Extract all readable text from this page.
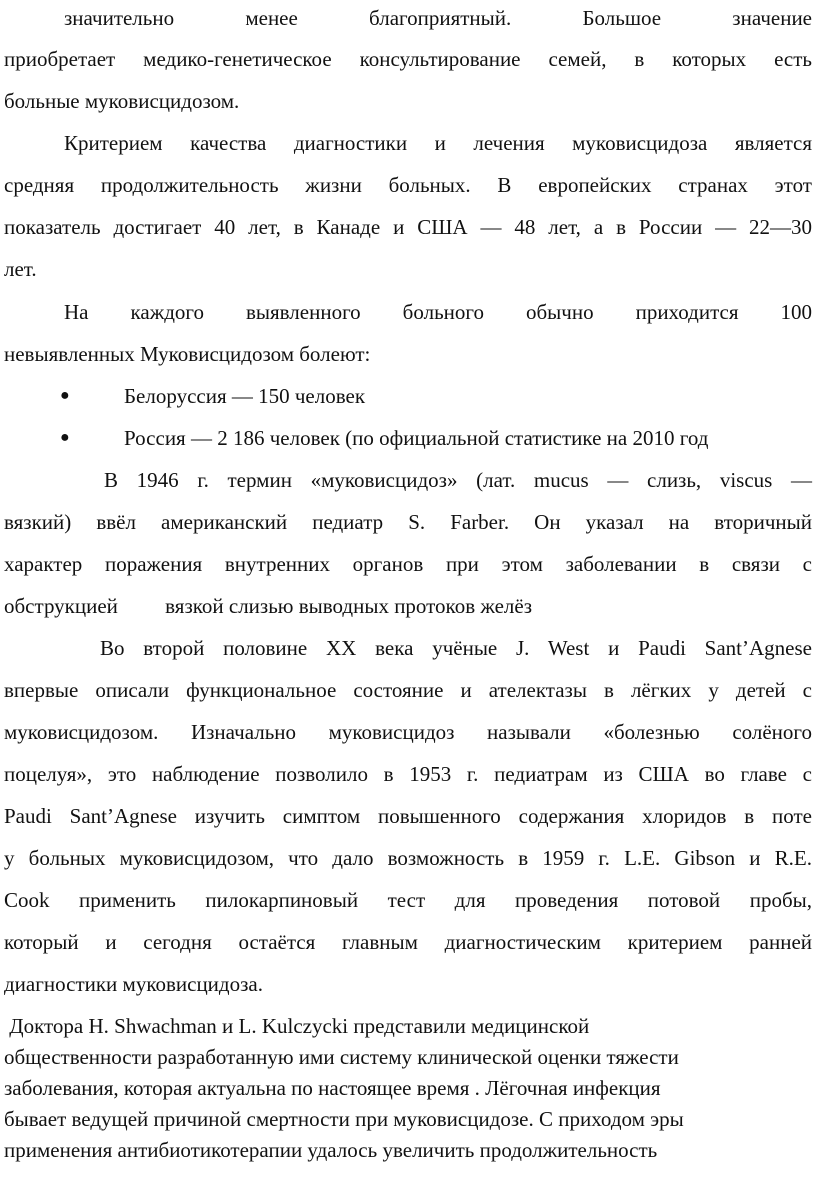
значительно менее благоприятный. Большое значение
приобретает медико-генетическое консультирование семей, в которых есть
больные муковисцидозом.
Критерием качества диагностики и лечения муковисцидоза является
средняя продолжительность жизни больных. В европейских странах этот
показатель достигает 40 лет, в Канаде и США — 48 лет, а в России — 22—30
лет.
На каждого выявленного больного обычно приходится 100
невыявленных Муковисцидозом болеют:
●	Белоруссия — 150 человек
●	Россия — 2 186 человек (по официальной статистике на 2010 год
В 1946 г. термин «муковисцидоз» (лат. mucus — слизь, viscus —
вязкий) ввёл американский педиатр S. Farber. Он указал на вторичный
характер поражения внутренних органов при этом заболевании в связи с
обструкцией         вязкой слизью выводных протоков желёз
Во второй половине XX века учёные J. West и Paudi Sant’Agnese
впервые описали функциональное состояние и ателектазы в лёгких у детей с
муковисцидозом. Изначально муковисцидоз называли «болезнью солёного
поцелуя», это наблюдение позволило в 1953 г. педиатрам из США во главе с
Paudi Sant’Agnese изучить симптом повышенного содержания хлоридов в поте
у больных муковисцидозом, что дало возможность в 1959 г. L.E. Gibson и R.E.
Cook применить пилокарпиновый тест для проведения потовой пробы,
который и сегодня остаётся главным диагностическим критерием ранней
диагностики муковисцидоза.
Доктора H. Shwachman и L. Kulczycki представили медицинской
общественности разработанную ими систему клинической оценки тяжести
заболевания, которая актуальна по настоящее время . Лёгочная инфекция
бывает ведущей причиной смертности при муковисцидозе. С приходом эры
применения антибиотикотерапии удалось увеличить продолжительность
